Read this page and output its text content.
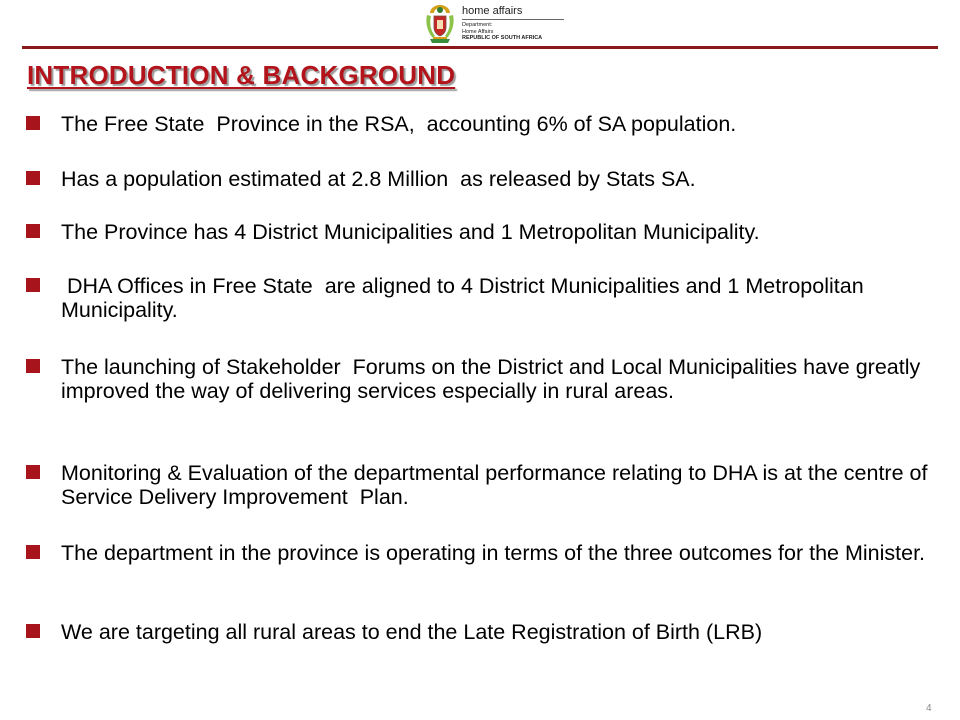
home affairs
Department:
Home Affairs
REPUBLIC OF SOUTH AFRICA
INTRODUCTION & BACKGROUND
The Free State  Province in the RSA,  accounting 6% of SA population.
Has a population estimated at 2.8 Million  as released by Stats SA.
The Province has 4 District Municipalities and 1 Metropolitan Municipality.
DHA Offices in Free State  are aligned to 4 District Municipalities and 1 Metropolitan Municipality.
The launching of Stakeholder  Forums on the District and Local Municipalities have greatly improved the way of delivering services especially in rural areas.
Monitoring & Evaluation of the departmental performance relating to DHA is at the centre of Service Delivery Improvement  Plan.
The department in the province is operating in terms of the three outcomes for the Minister.
We are targeting all rural areas to end the Late Registration of Birth (LRB)
4
